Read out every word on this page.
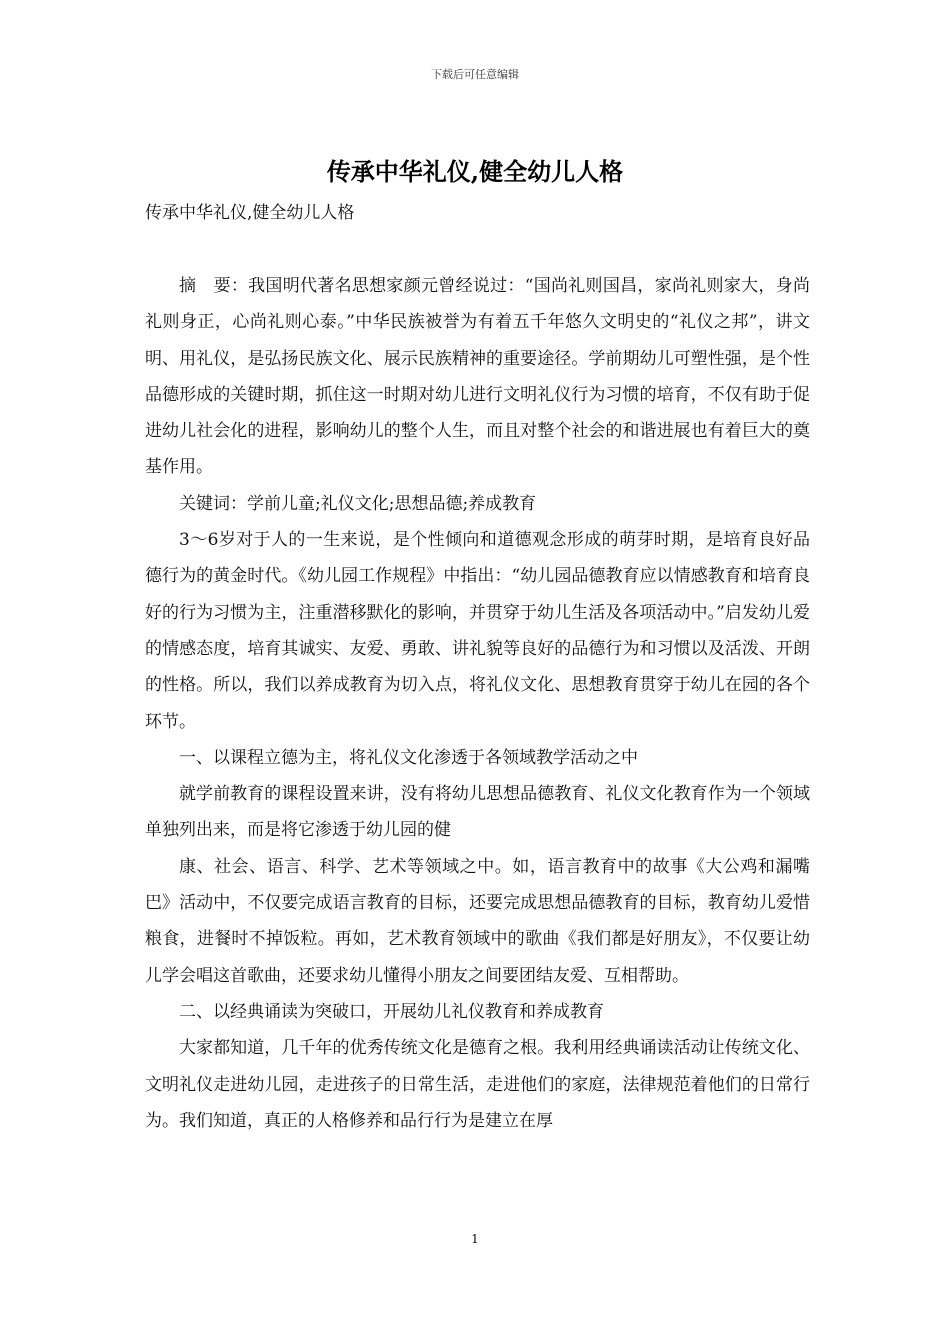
下载后可任意编辑
传承中华礼仪,健全幼儿人格
传承中华礼仪,健全幼儿人格

摘　要：我国明代著名思想家颜元曾经说过：“国尚礼则国昌，家尚礼则家大，身尚礼则身正，心尚礼则心泰。”中华民族被誉为有着五千年悠久文明史的“礼仪之邦”，讲文明、用礼仪，是弘扬民族文化、展示民族精神的重要途径。学前期幼儿可塑性强，是个性品德形成的关键时期，抓住这一时期对幼儿进行文明礼仪行为习惯的培育，不仅有助于促进幼儿社会化的进程，影响幼儿的整个人生，而且对整个社会的和谐进展也有着巨大的奠基作用。

关键词：学前儿童;礼仪文化;思想品德;养成教育

3～6岁对于人的一生来说，是个性倾向和道德观念形成的萌芽时期，是培育良好品德行为的黄金时代。《幼儿园工作规程》中指出：“幼儿园品德教育应以情感教育和培育良好的行为习惯为主，注重潜移默化的影响，并贯穿于幼儿生活及各项活动中。”启发幼儿爱的情感态度，培育其诚实、友爱、勇敢、讲礼貌等良好的品德行为和习惯以及活泼、开朗的性格。所以，我们以养成教育为切入点，将礼仪文化、思想教育贯穿于幼儿在园的各个环节。

一、以课程立德为主，将礼仪文化渗透于各领域教学活动之中

就学前教育的课程设置来讲，没有将幼儿思想品德教育、礼仪文化教育作为一个领域单独列出来，而是将它渗透于幼儿园的健

康、社会、语言、科学、艺术等领域之中。如，语言教育中的故事《大公鸡和漏嘴巴》活动中，不仅要完成语言教育的目标，还要完成思想品德教育的目标，教育幼儿爱惜粮食，进餐时不掉饭粒。再如，艺术教育领域中的歌曲《我们都是好朋友》，不仅要让幼儿学会唱这首歌曲，还要求幼儿懂得小朋友之间要团结友爱、互相帮助。

二、以经典诵读为突破口，开展幼儿礼仪教育和养成教育

大家都知道，几千年的优秀传统文化是德育之根。我利用经典诵读活动让传统文化、文明礼仪走进幼儿园，走进孩子的日常生活，走进他们的家庭，法律规范着他们的日常行为。我们知道，真正的人格修养和品行行为是建立在厚

1
